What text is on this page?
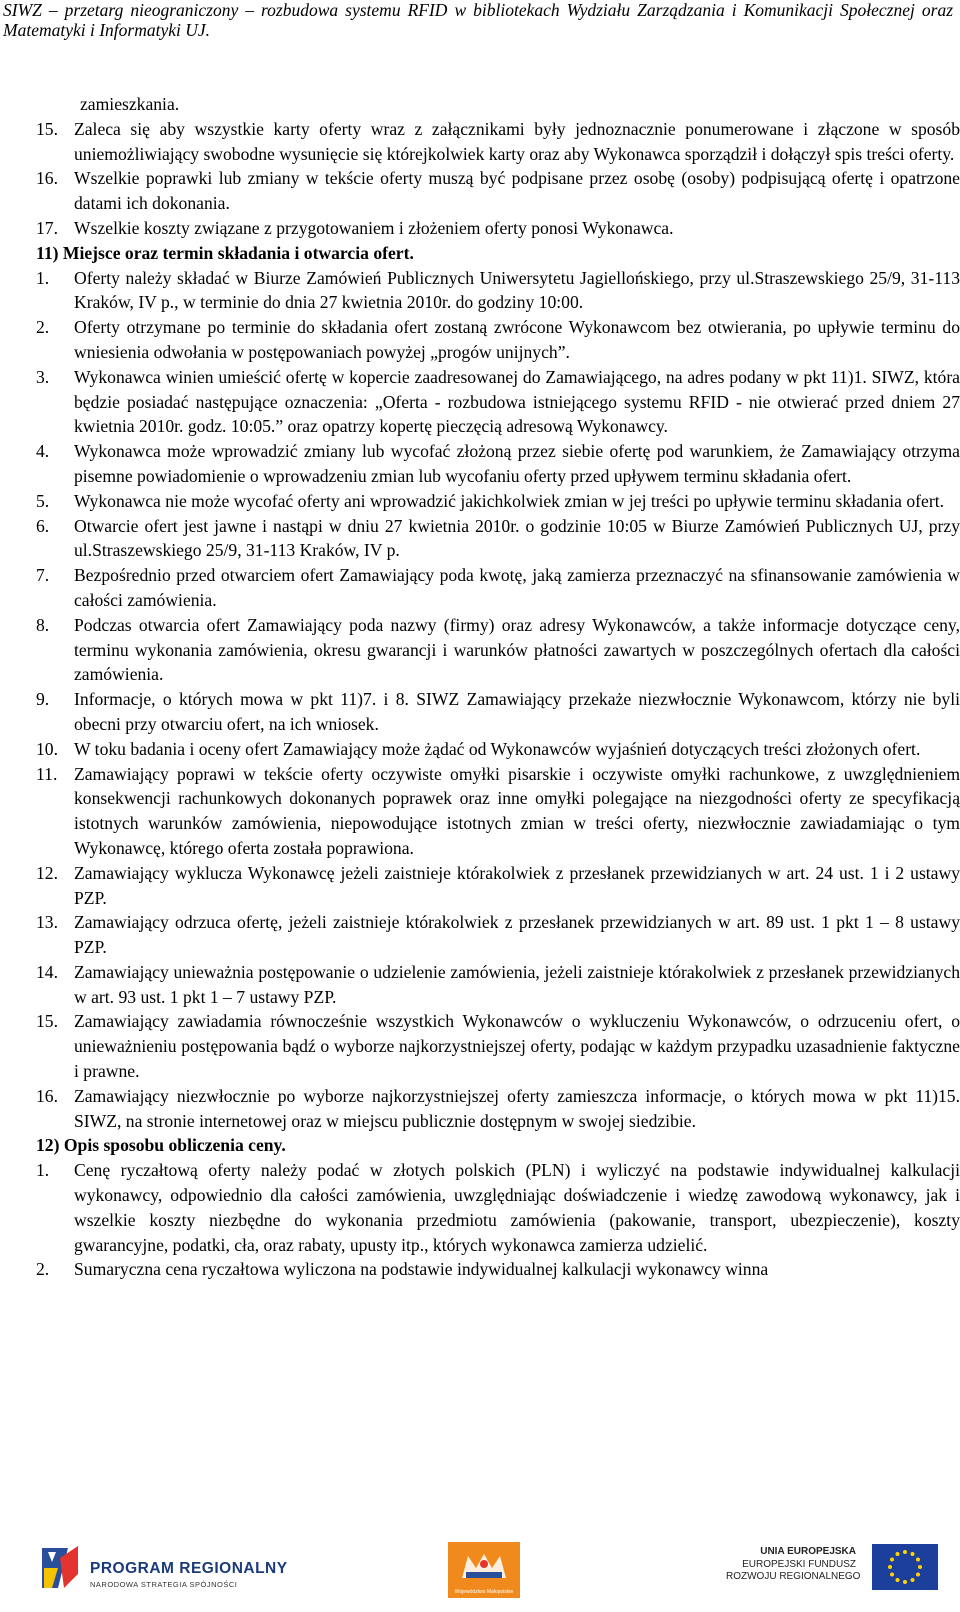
SIWZ – przetarg nieograniczony – rozbudowa systemu RFID w bibliotekach Wydziału Zarządzania i Komunikacji Społecznej oraz Matematyki i Informatyki UJ.

zamieszkania.

15. Zaleca się aby wszystkie karty oferty wraz z załącznikami były jednoznacznie ponumerowane i złączone w sposób uniemożliwiający swobodne wysunięcie się którejkolwiek karty oraz aby Wykonawca sporządził i dołączył spis treści oferty.
16. Wszelkie poprawki lub zmiany w tekście oferty muszą być podpisane przez osobę (osoby) podpisującą ofertę i opatrzone datami ich dokonania.
17. Wszelkie koszty związane z przygotowaniem i złożeniem oferty ponosi Wykonawca.
11) Miejsce oraz termin składania i otwarcia ofert.
1. Oferty należy składać w Biurze Zamówień Publicznych Uniwersytetu Jagiellońskiego, przy ul.Straszewskiego 25/9, 31-113 Kraków, IV p., w terminie do dnia 27 kwietnia 2010r. do godziny 10:00.
2. Oferty otrzymane po terminie do składania ofert zostaną zwrócone Wykonawcom bez otwierania, po upływie terminu do wniesienia odwołania w postępowaniach powyżej „progów unijnych”.
3. Wykonawca winien umieścić ofertę w kopercie zaadresowanej do Zamawiającego, na adres podany w pkt 11)1. SIWZ, która będzie posiadać następujące oznaczenia: „Oferta - rozbudowa istniejącego systemu RFID - nie otwierać przed dniem 27 kwietnia 2010r. godz. 10:05.” oraz opatrzy kopertę pieczęcią adresową Wykonawcy.
4. Wykonawca może wprowadzić zmiany lub wycofać złożoną przez siebie ofertę pod warunkiem, że Zamawiający otrzyma pisemne powiadomienie o wprowadzeniu zmian lub wycofaniu oferty przed upływem terminu składania ofert.
5. Wykonawca nie może wycofać oferty ani wprowadzić jakichkolwiek zmian w jej treści po upływie terminu składania ofert.
6. Otwarcie ofert jest jawne i nastąpi w dniu 27 kwietnia 2010r. o godzinie 10:05 w Biurze Zamówień Publicznych UJ, przy ul.Straszewskiego 25/9, 31-113 Kraków, IV p.
7. Bezpośrednio przed otwarciem ofert Zamawiający poda kwotę, jaką zamierza przeznaczyć na sfinansowanie zamówienia w całości zamówienia.
8. Podczas otwarcia ofert Zamawiający poda nazwy (firmy) oraz adresy Wykonawców, a także informacje dotyczące ceny, terminu wykonania zamówienia, okresu gwarancji i warunków płatności zawartych w poszczególnych ofertach dla całości zamówienia.
9. Informacje, o których mowa w pkt 11)7. i 8. SIWZ Zamawiający przekaże niezwłocznie Wykonawcom, którzy nie byli obecni przy otwarciu ofert, na ich wniosek.
10. W toku badania i oceny ofert Zamawiający może żądać od Wykonawców wyjaśnień dotyczących treści złożonych ofert.
11. Zamawiający poprawi w tekście oferty oczywiste omyłki pisarskie i oczywiste omyłki rachunkowe, z uwzględnieniem konsekwencji rachunkowych dokonanych poprawek oraz inne omyłki polegające na niezgodności oferty ze specyfikacją istotnych warunków zamówienia, niepowodujące istotnych zmian w treści oferty, niezwłocznie zawiadamiając o tym Wykonawcę, którego oferta została poprawiona.
12. Zamawiający wyklucza Wykonawcę jeżeli zaistnieje którakolwiek z przesłanek przewidzianych w art. 24 ust. 1 i 2 ustawy PZP.
13. Zamawiający odrzuca ofertę, jeżeli zaistnieje którakolwiek z przesłanek przewidzianych w art. 89 ust. 1 pkt 1 – 8 ustawy PZP.
14. Zamawiający unieważnia postępowanie o udzielenie zamówienia, jeżeli zaistnieje którakolwiek z przesłanek przewidzianych w art. 93 ust. 1 pkt 1 – 7 ustawy PZP.
15. Zamawiający zawiadamia równocześnie wszystkich Wykonawców o wykluczeniu Wykonawców, o odrzuceniu ofert, o unieważnieniu postępowania bądź o wyborze najkorzystniejszej oferty, podając w każdym przypadku uzasadnienie faktyczne i prawne.
16. Zamawiający niezwłocznie po wyborze najkorzystniejszej oferty zamieszcza informacje, o których mowa w pkt 11)15. SIWZ, na stronie internetowej oraz w miejscu publicznie dostępnym w swojej siedzibie.
12) Opis sposobu obliczenia ceny.
1. Cenę ryczałtową oferty należy podać w złotych polskich (PLN) i wyliczyć na podstawie indywidualnej kalkulacji wykonawcy, odpowiednio dla całości zamówienia, uwzględniając doświadczenie i wiedzę zawodową wykonawcy, jak i wszelkie koszty niezbędne do wykonania przedmiotu zamówienia (pakowanie, transport, ubezpieczenie), koszty gwarancyjne, podatki, cła, oraz rabaty, upusty itp., których wykonawca zamierza udzielić.
2. Sumaryczna cena ryczałtowa wyliczona na podstawie indywidualnej kalkulacji wykonawcy winna
PROGRAM REGIONALNY
NARODOWA STRATEGIA SPÓJNOŚCI
Województwo Małopolskie
UNIA EUROPEJSKA
EUROPEJSKI FUNDUSZ
ROZWOJU REGIONALNEGO
